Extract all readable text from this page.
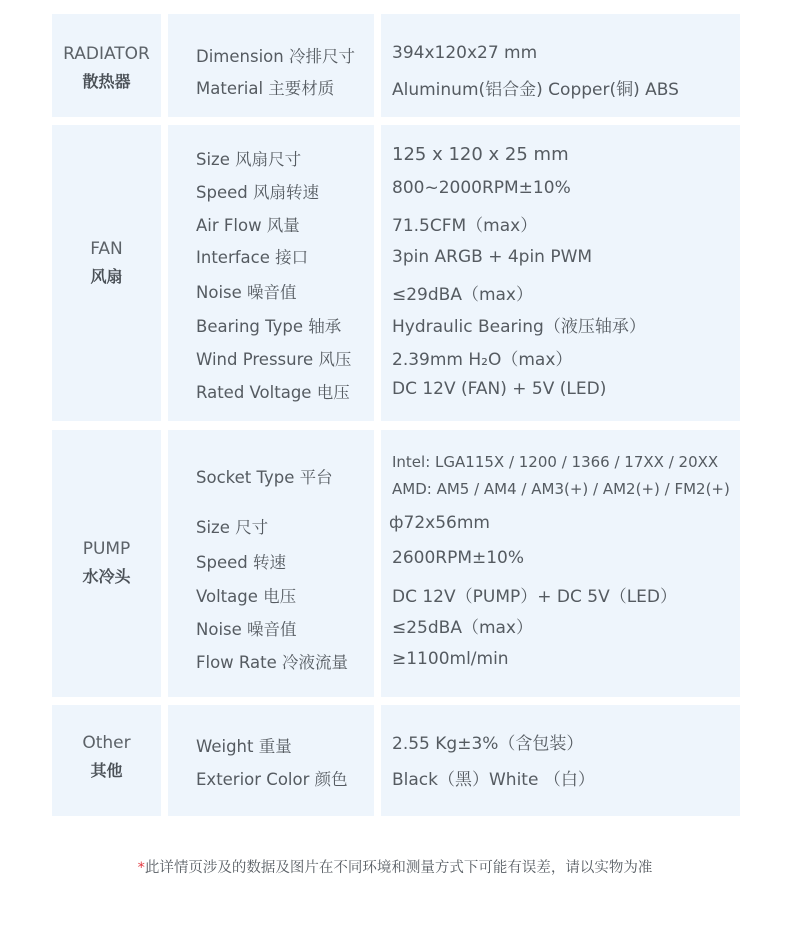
RADIATOR
散热器
Dimension 冷排尺寸 394x120x27 mm
Material 主要材质	Aluminum(铝合金) Copper(铜) ABS
FAN
风扇
Size 风扇尺寸	125 x 120 x 25 mm
Speed 风扇转速	800~2000RPM±10%
Air Flow 风量	71.5CFM（max）
Interface 接口	3pin ARGB + 4pin PWM
Noise 噪音值	≤29dBA（max）
Bearing Type 轴承	Hydraulic Bearing（液压轴承）
Wind Pressure 风压 2.39mm H₂O（max）
Rated Voltage 电压 DC 12V (FAN) + 5V (LED)
PUMP
水冷头
Socket Type 平台
Intel: LGA115X / 1200 / 1366 / 17XX / 20XX
AMD: AM5 / AM4 / AM3(+) / AM2(+) / FM2(+)
Size 尺寸	ф72x56mm
Speed 转速	2600RPM±10%
Voltage 电压	DC 12V（PUMP）+ DC 5V（LED）
Noise 噪音值	≤25dBA（max）
Flow Rate 冷液流量	≥1100ml/min
Other
其他
Weight 重量	2.55 Kg±3%（含包装）
Exterior Color 颜色	Black（黑）White （白）
*此详情页涉及的数据及图片在不同环境和测量方式下可能有误差，请以实物为准
